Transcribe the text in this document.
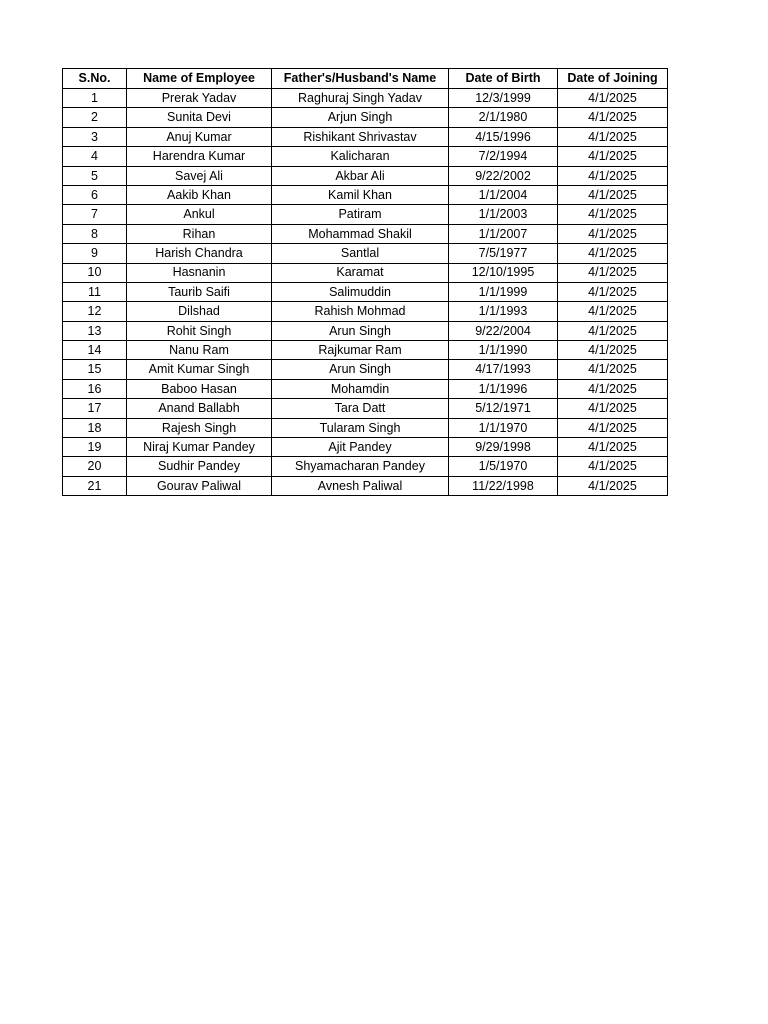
S.No.	Name of Employee	Father's/Husband's Name	Date of Birth	Date of Joining
1	Prerak Yadav	Raghuraj Singh Yadav	12/3/1999	4/1/2025
2	Sunita Devi	Arjun Singh	2/1/1980	4/1/2025
3	Anuj Kumar	Rishikant Shrivastav	4/15/1996	4/1/2025
4	Harendra Kumar	Kalicharan	7/2/1994	4/1/2025
5	Savej Ali	Akbar Ali	9/22/2002	4/1/2025
6	Aakib Khan	Kamil Khan	1/1/2004	4/1/2025
7	Ankul	Patiram	1/1/2003	4/1/2025
8	Rihan	Mohammad Shakil	1/1/2007	4/1/2025
9	Harish Chandra	Santlal	7/5/1977	4/1/2025
10	Hasnanin	Karamat	12/10/1995	4/1/2025
11	Taurib Saifi	Salimuddin	1/1/1999	4/1/2025
12	Dilshad	Rahish Mohmad	1/1/1993	4/1/2025
13	Rohit Singh	Arun Singh	9/22/2004	4/1/2025
14	Nanu Ram	Rajkumar Ram	1/1/1990	4/1/2025
15	Amit Kumar Singh	Arun Singh	4/17/1993	4/1/2025
16	Baboo Hasan	Mohamdin	1/1/1996	4/1/2025
17	Anand Ballabh	Tara Datt	5/12/1971	4/1/2025
18	Rajesh Singh	Tularam Singh	1/1/1970	4/1/2025
19	Niraj Kumar Pandey	Ajit Pandey	9/29/1998	4/1/2025
20	Sudhir Pandey	Shyamacharan Pandey	1/5/1970	4/1/2025
21	Gourav Paliwal	Avnesh Paliwal	11/22/1998	4/1/2025
